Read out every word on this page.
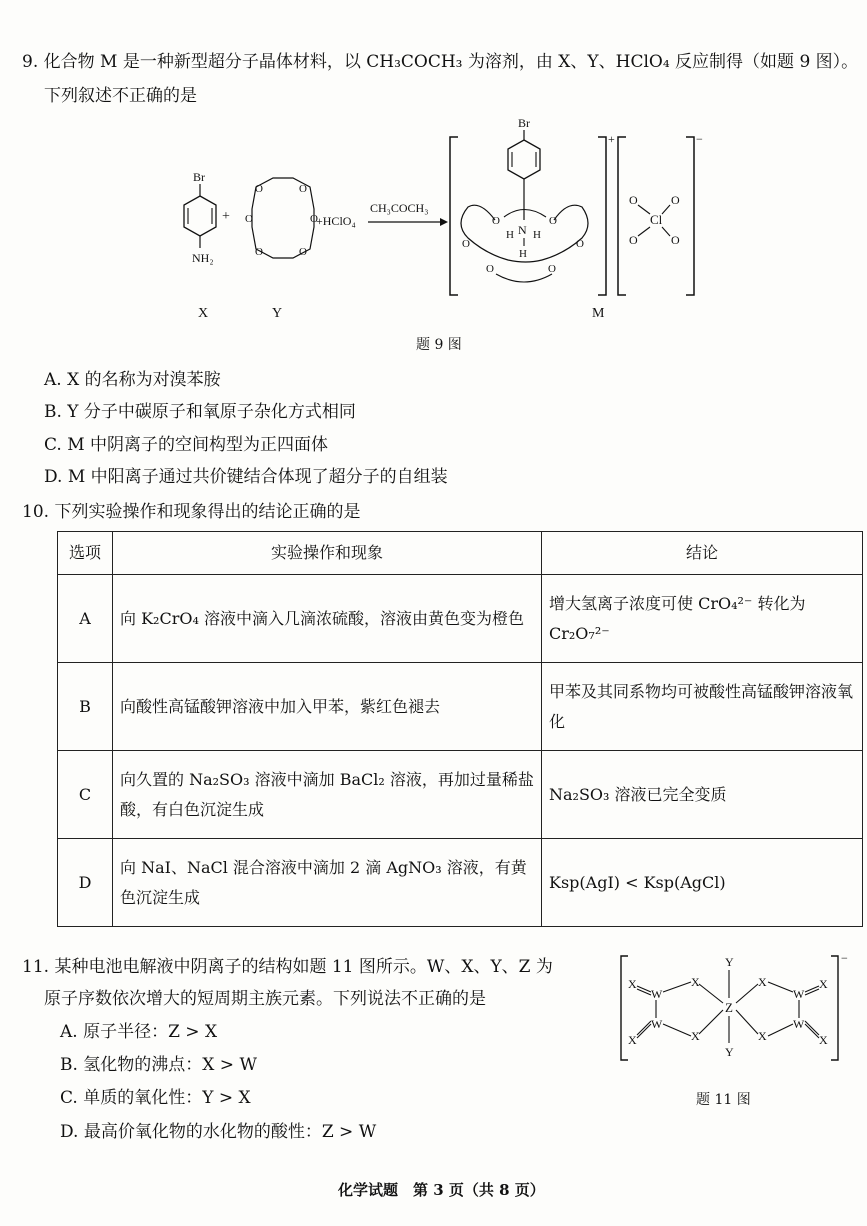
9. 化合物 M 是一种新型超分子晶体材料，以 CH₃COCH₃ 为溶剂，由 X、Y、HClO₄ 反应制得（如题 9 图）。
下列叙述不正确的是
Br
NH₂
X
+
O	O
O	O
O	O
Y
+HClO₄
CH₃COCH₃
+
Br
N
O
H H
O
O	O
H
O	O
−
O	O
Cl
O	O
M
题 9 图
A. X 的名称为对溴苯胺
B. Y 分子中碳原子和氧原子杂化方式相同
C. M 中阴离子的空间构型为正四面体
D. M 中阳离子通过共价键结合体现了超分子的自组装
10. 下列实验操作和现象得出的结论正确的是
选项	实验操作和现象	结论
A	向 K₂CrO₄ 溶液中滴入几滴浓硫酸，溶液由黄色变为橙色	增大氢离子浓度可使 CrO₄²⁻ 转化为 Cr₂O₇²⁻
B	向酸性高锰酸钾溶液中加入甲苯，紫红色褪去	甲苯及其同系物均可被酸性高锰酸钾溶液氧化
C	向久置的 Na₂SO₃ 溶液中滴加 BaCl₂ 溶液，再加过量稀盐酸，有白色沉淀生成	Na₂SO₃ 溶液已完全变质
D	向 NaI、NaCl 混合溶液中滴加 2 滴 AgNO₃ 溶液，有黄色沉淀生成	Ksp(AgI) < Ksp(AgCl)
11. 某种电池电解液中阴离子的结构如题 11 图所示。W、X、Y、Z 为
原子序数依次增大的短周期主族元素。下列说法不正确的是
A. 原子半径：Z > X
B. 氢化物的沸点：X > W
C. 单质的氧化性：Y > X
D. 最高价氧化物的水化物的酸性：Z > W
−
Y
Z
Y
X
X
X
X
W
W
X
X
W
W
X
X
题 11 图
化学试题　第 3 页（共 8 页）
